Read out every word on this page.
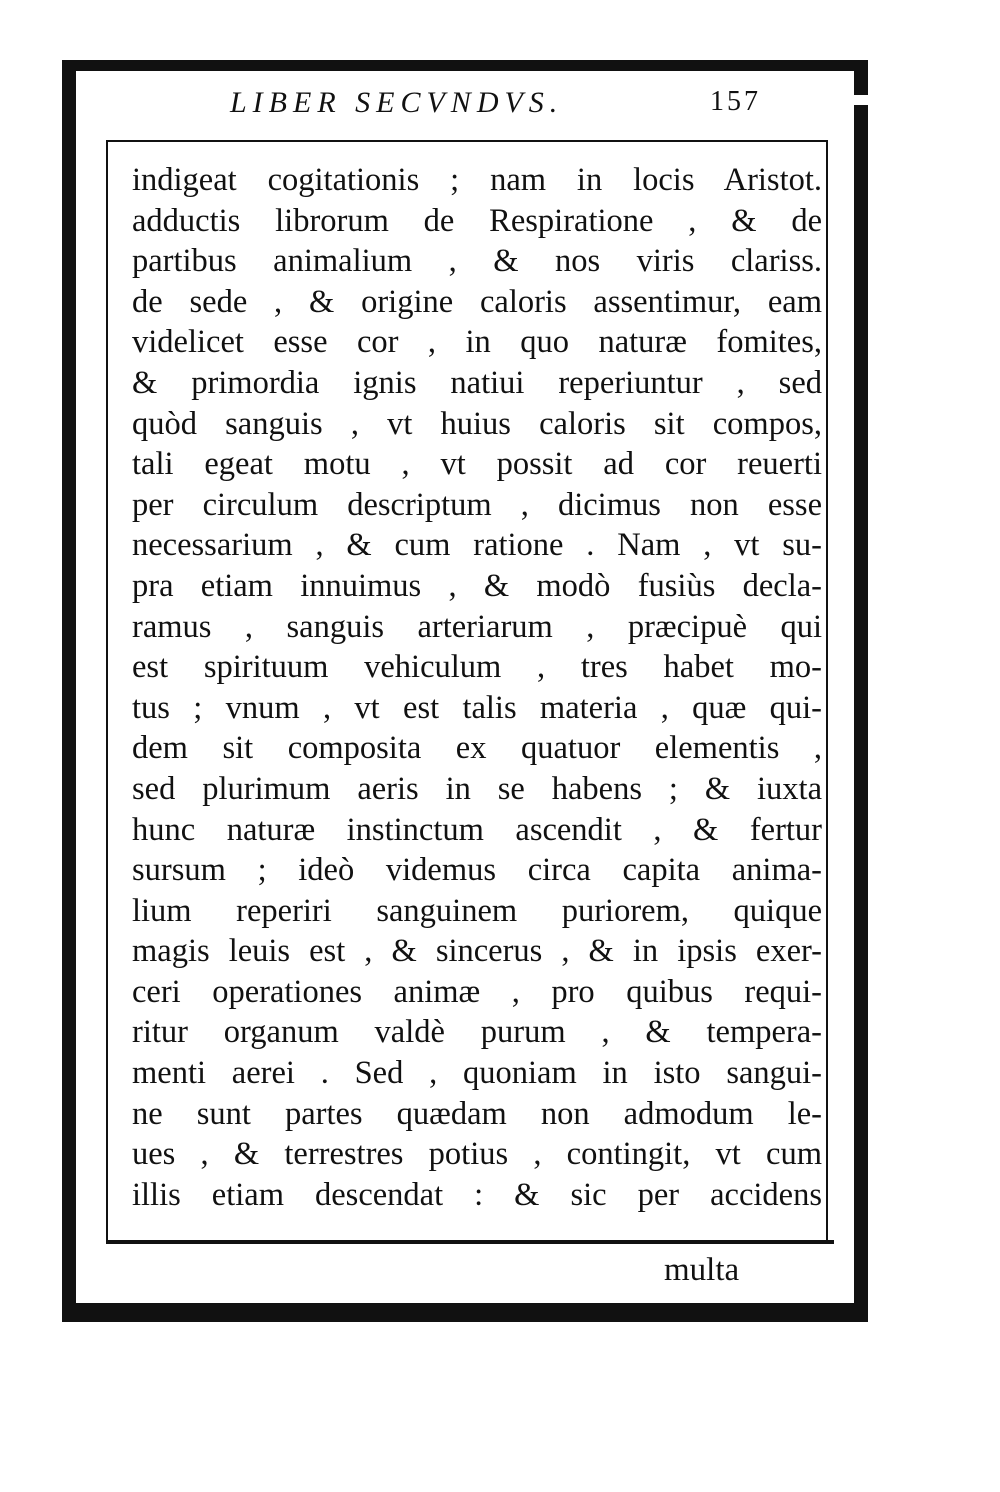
LIBER SECVNDVS.	157
indigeat cogitationis ; nam in locis Aristot.
adductis librorum de Respiratione , & de
partibus animalium , & nos viris clariss.
de sede , & origine caloris assentimur, eam
videlicet esse cor , in quo naturæ fomites,
& primordia ignis natiui reperiuntur , sed
quòd sanguis , vt huius caloris sit compos,
tali egeat motu , vt possit ad cor reuerti
per circulum descriptum , dicimus non esse
necessarium , & cum ratione . Nam , vt su-
pra etiam innuimus , & modò fusiùs decla-
ramus , sanguis arteriarum , præcipuè qui
est spirituum vehiculum , tres habet mo-
tus ; vnum , vt est talis materia , quæ qui-
dem sit composita ex quatuor elementis ,
sed plurimum aeris in se habens ; & iuxta
hunc naturæ instinctum ascendit , & fertur
sursum ; ideò videmus circa capita anima-
lium reperiri sanguinem puriorem, quique
magis leuis est , & sincerus , & in ipsis exer-
ceri operationes animæ , pro quibus requi-
ritur organum valdè purum , & tempera-
menti aerei . Sed , quoniam in isto sangui-
ne sunt partes quædam non admodum le-
ues , & terrestres potius , contingit, vt cum
illis etiam descendat : & sic per accidens
multa
